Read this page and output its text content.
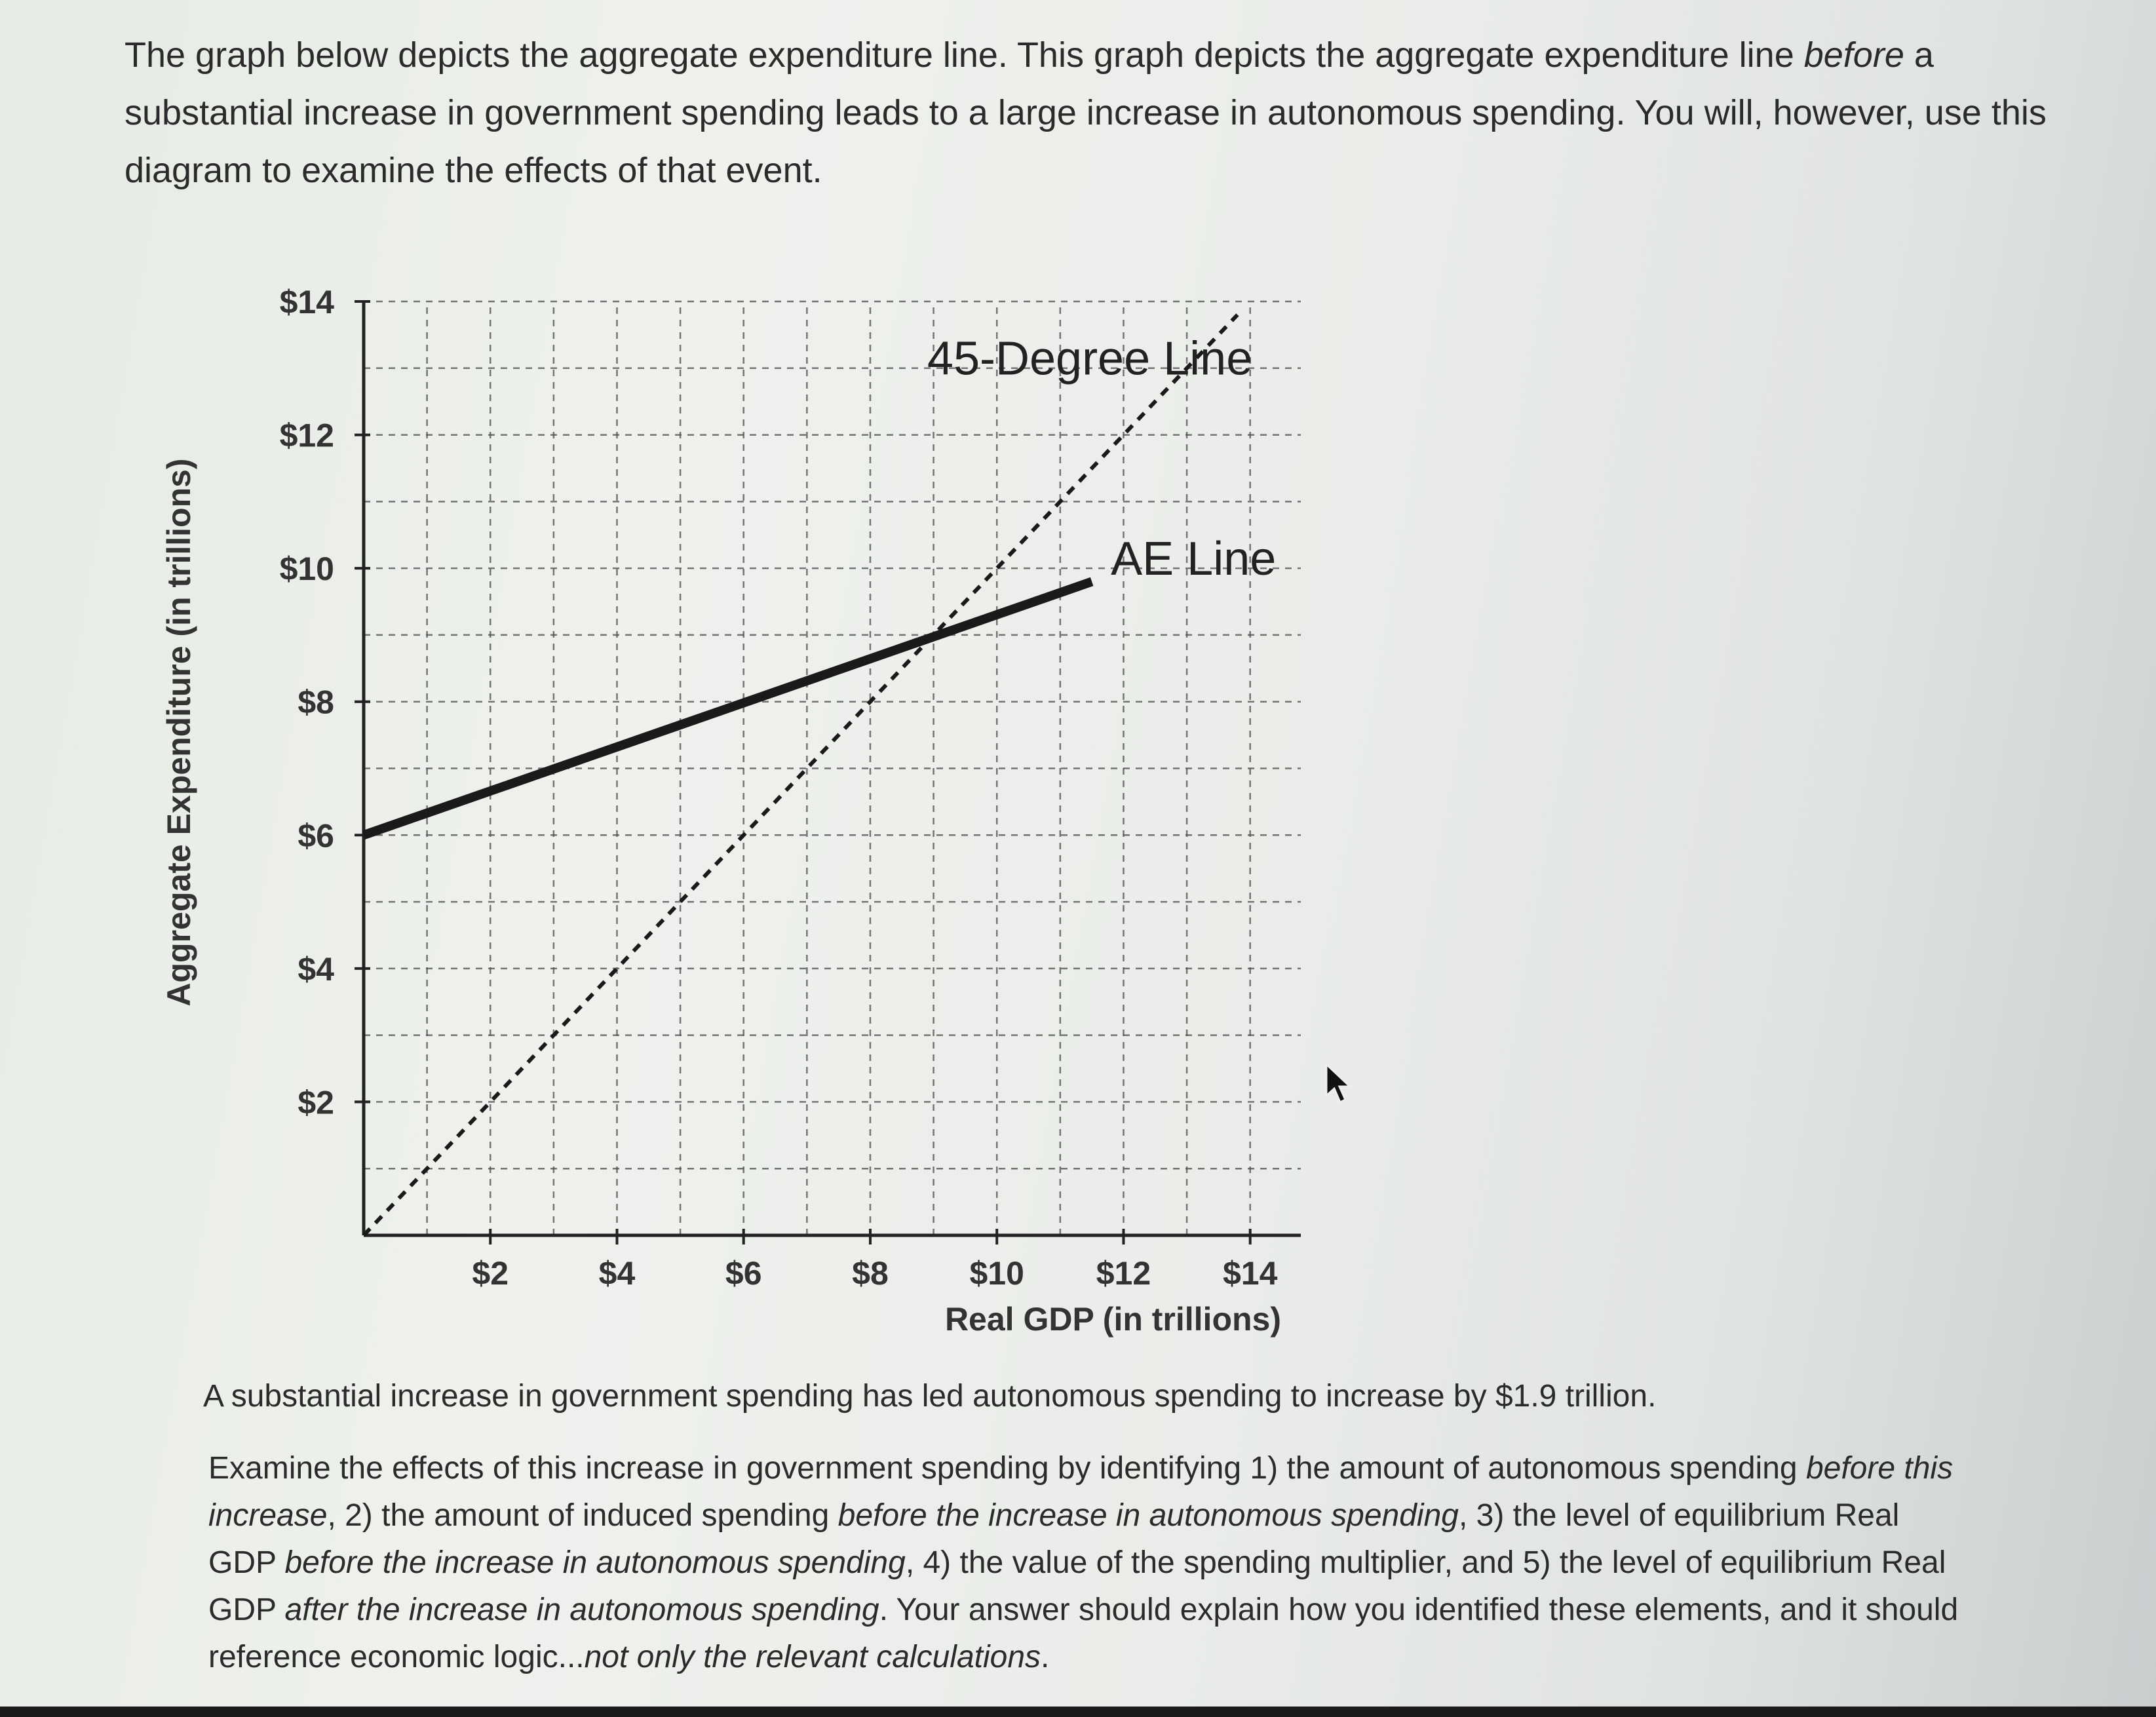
The graph below depicts the aggregate expenditure line. This graph depicts the aggregate expenditure line before a substantial increase in government spending leads to a large increase in autonomous spending. You will, however, use this diagram to examine the effects of that event.

$2
$4
$6
$8
$10
$12
$14
$2	$4	$6	$8 $10 $12 $14
Real GDP (in trillions)
Aggregate Expenditure (in trillions)
45-Degree Line
AE Line

A substantial increase in government spending has led autonomous spending to increase by $1.9 trillion.

Examine the effects of this increase in government spending by identifying 1) the amount of autonomous spending before this increase, 2) the amount of induced spending before the increase in autonomous spending, 3) the level of equilibrium Real GDP before the increase in autonomous spending, 4) the value of the spending multiplier, and 5) the level of equilibrium Real GDP after the increase in autonomous spending. Your answer should explain how you identified these elements, and it should reference economic logic...not only the relevant calculations.
